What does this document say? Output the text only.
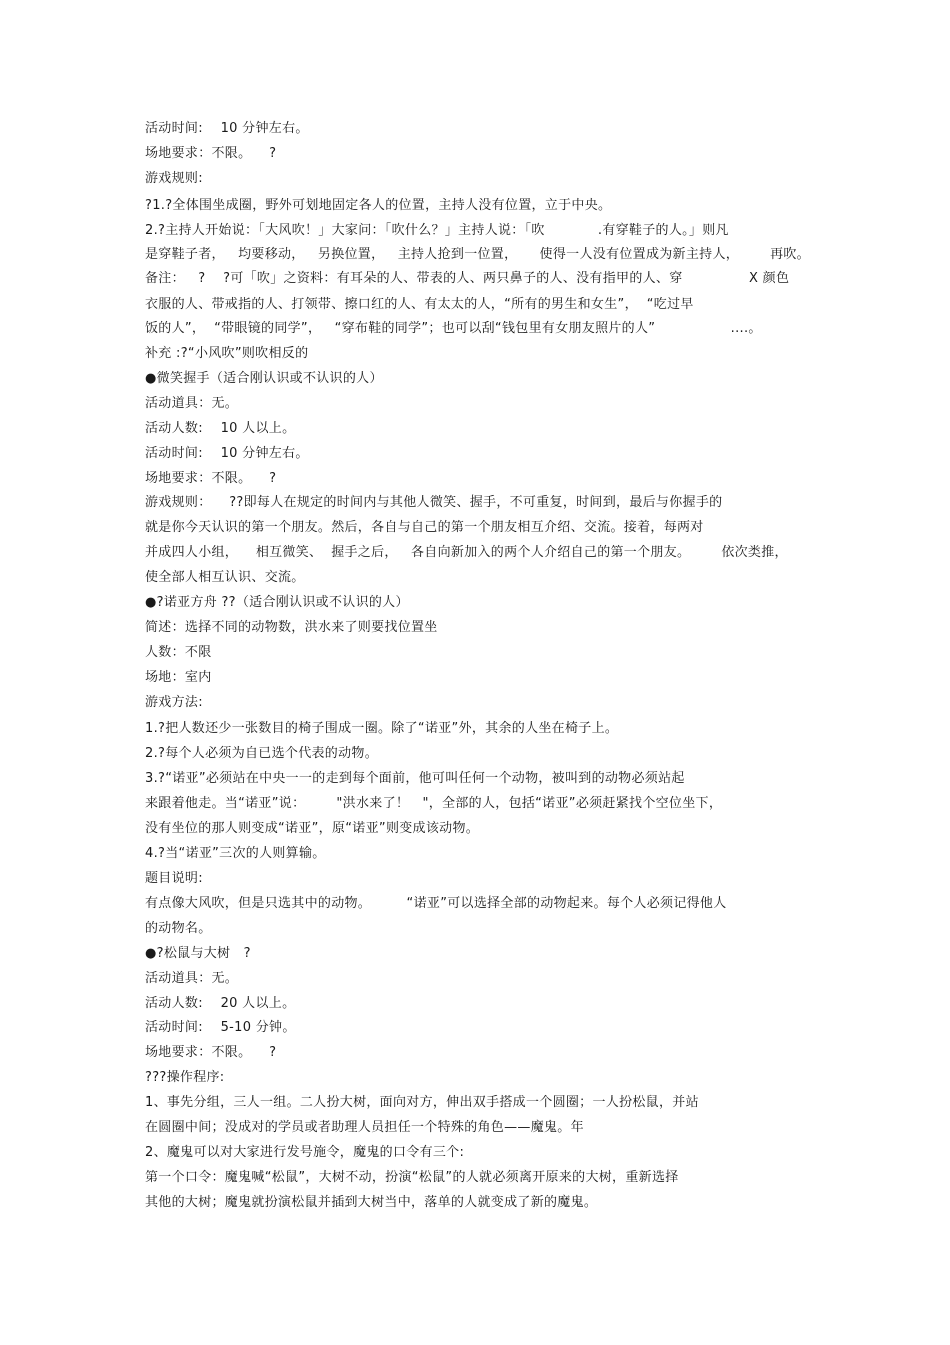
活动时间:    10 分钟左右。
场地要求：不限。    ?
游戏规则:
?1.?全体围坐成圈，野外可划地固定各人的位置，主持人没有位置，立于中央。
2.?主持人开始说：「大风吹！」大家问：「吹什么？」主持人说：「吹            .有穿鞋子的人。」则凡
是穿鞋子者，   均要移动，   另换位置，   主持人抢到一位置，     使得一人没有位置成为新主持人，       再吹。
备注：   ?    ?可「吹」之资料：有耳朵的人、带表的人、两只鼻子的人、没有指甲的人、穿               X 颜色
衣服的人、带戒指的人、打领带、擦口红的人、有太太的人，“所有的男生和女生”，  “吃过早
饭的人”，  “带眼镜的同学”，   “穿布鞋的同学”；也可以刮“钱包里有女朋友照片的人”                 ....。
补充 :?“小风吹”则吹相反的
●微笑握手（适合刚认识或不认识的人）
活动道具：无。
活动人数:    10 人以上。
活动时间:    10 分钟左右。
场地要求：不限。    ?
游戏规则：    ??即每人在规定的时间内与其他人微笑、握手，不可重复，时间到，最后与你握手的
就是你今天认识的第一个朋友。然后，各自与自己的第一个朋友相互介绍、交流。接着，每两对
并成四人小组，    相互微笑、  握手之后，   各自向新加入的两个人介绍自己的第一个朋友。       依次类推，
使全部人相互认识、交流。
●?诺亚方舟 ??（适合刚认识或不认识的人）
简述：选择不同的动物数，洪水来了则要找位置坐
人数：不限
场地：室内
游戏方法:
1.?把人数还少一张数目的椅子围成一圈。除了“诺亚”外，其余的人坐在椅子上。
2.?每个人必须为自已选个代表的动物。
3.?“诺亚”必须站在中央一一的走到每个面前，他可叫任何一个动物，被叫到的动物必须站起
来跟着他走。当“诺亚”说：       "洪水来了！   "，全部的人，包括“诺亚”必须赶紧找个空位坐下，
没有坐位的那人则变成“诺亚”，原“诺亚”则变成该动物。
4.?当“诺亚”三次的人则算输。
题目说明:
有点像大风吹，但是只选其中的动物。        “诺亚”可以选择全部的动物起来。每个人必须记得他人
的动物名。
●?松鼠与大树   ?
活动道具：无。
活动人数:    20 人以上。
活动时间:    5-10 分钟。
场地要求：不限。    ?
???操作程序:
1、事先分组，三人一组。二人扮大树，面向对方，伸出双手搭成一个圆圈；一人扮松鼠，并站
在圆圈中间；没成对的学员或者助理人员担任一个特殊的角色——魔鬼。年
2、魔鬼可以对大家进行发号施令，魔鬼的口令有三个:
第一个口令：魔鬼喊“松鼠”，大树不动，扮演“松鼠”的人就必须离开原来的大树，重新选择
其他的大树；魔鬼就扮演松鼠并插到大树当中，落单的人就变成了新的魔鬼。
